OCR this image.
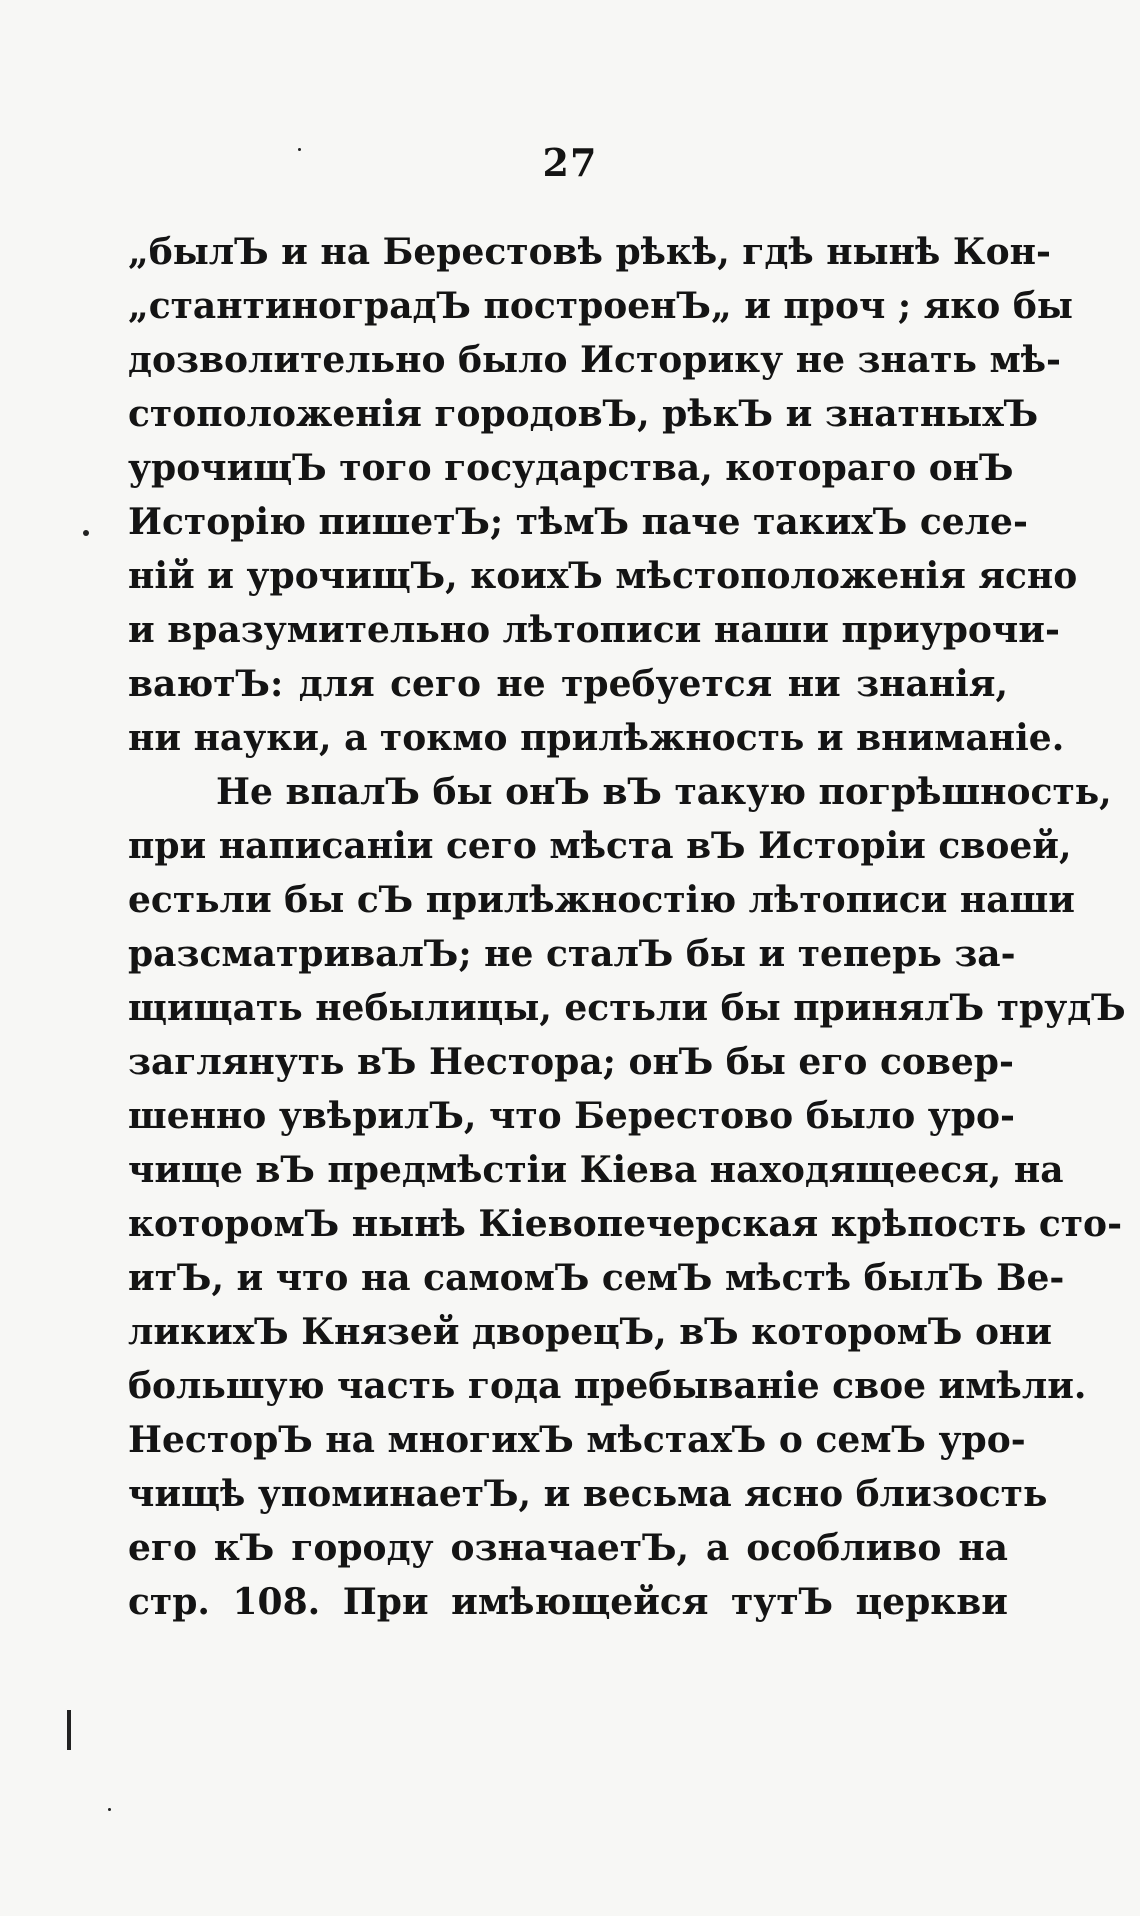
27
„былЪ и на Берестовѣ рѣкѣ, гдѣ нынѣ Кон-
„стантиноградЪ построенЪ„ и проч ; яко бы
дозволительно было Историку не знать мѣ-
стоположенія городовЪ, рѣкЪ и знатныхЪ
урочищЪ того государства, котораго онЪ
Исторію пишетЪ; тѣмЪ паче такихЪ селе-
ній и урочищЪ, коихЪ мѣстоположенія ясно
и вразумительно лѣтописи наши приурочи-
ваютЪ: для сего не требуется ни знанія,
ни науки, а токмо прилѣжность и вниманіе.
Не впалЪ бы онЪ вЪ такую погрѣшность,
при написаніи сего мѣста вЪ Исторіи своей,
естьли бы сЪ прилѣжностію лѣтописи наши
разсматривалЪ; не сталЪ бы и теперь за-
щищать небылицы, естьли бы принялЪ трудЪ
заглянуть вЪ Нестора; онЪ бы его совер-
шенно увѣрилЪ, что Берестово было уро-
чище вЪ предмѣстіи Кіева находящееся, на
которомЪ нынѣ Кіевопечерская крѣпость сто-
итЪ, и что на самомЪ семЪ мѣстѣ былЪ Ве-
ликихЪ Князей дворецЪ, вЪ которомЪ они
большую часть года пребываніе свое имѣли.
НесторЪ на многихЪ мѣстахЪ о семЪ уро-
чищѣ упоминаетЪ, и весьма ясно близость
его кЪ городу означаетЪ, а особливо на
стр. 108. При имѣющейся тутЪ церкви
